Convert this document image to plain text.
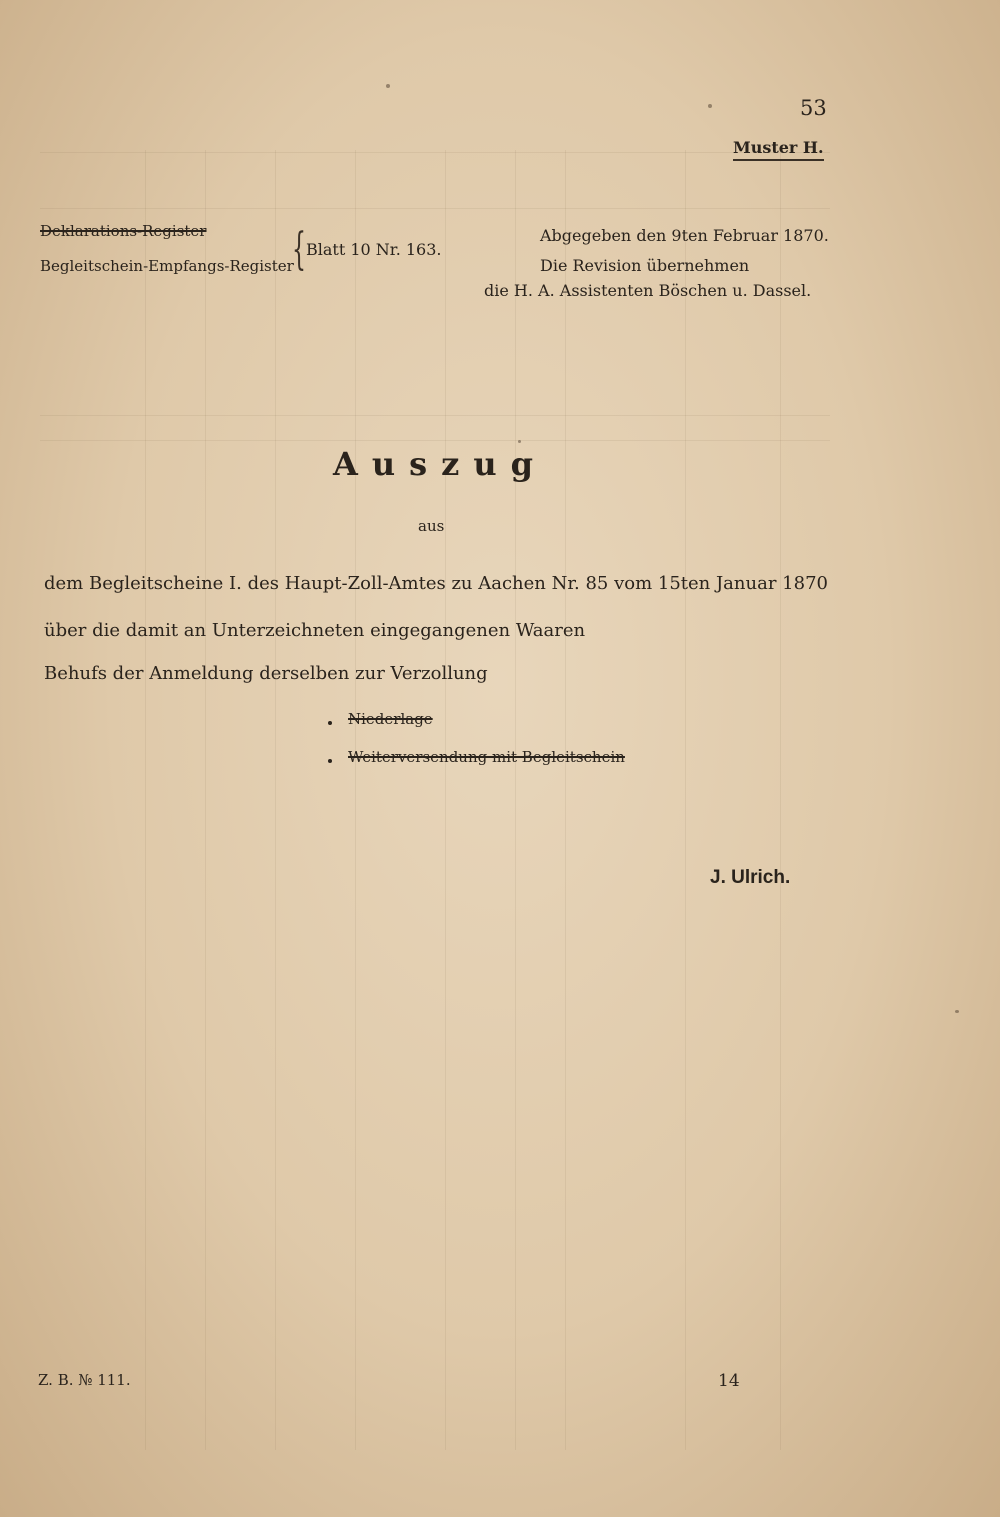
53
Muster H.
Deklarations-Register
Begleitschein-Empfangs-Register
{ Blatt 10 Nr. 163.
Abgegeben den 9ten Februar 1870.
Die Revision übernehmen
die H. A. Assistenten Böschen u. Dassel.
Auszug
aus
dem Begleitscheine I. des Haupt-Zoll-Amtes zu Aachen Nr. 85 vom 15ten Januar 1870
über die damit an Unterzeichneten eingegangenen Waaren
Behufs der Anmeldung derselben zur Verzollung
Niederlage
Weiterversendung mit Begleitschein
J. Ulrich.
Z. B. № 111.	14
